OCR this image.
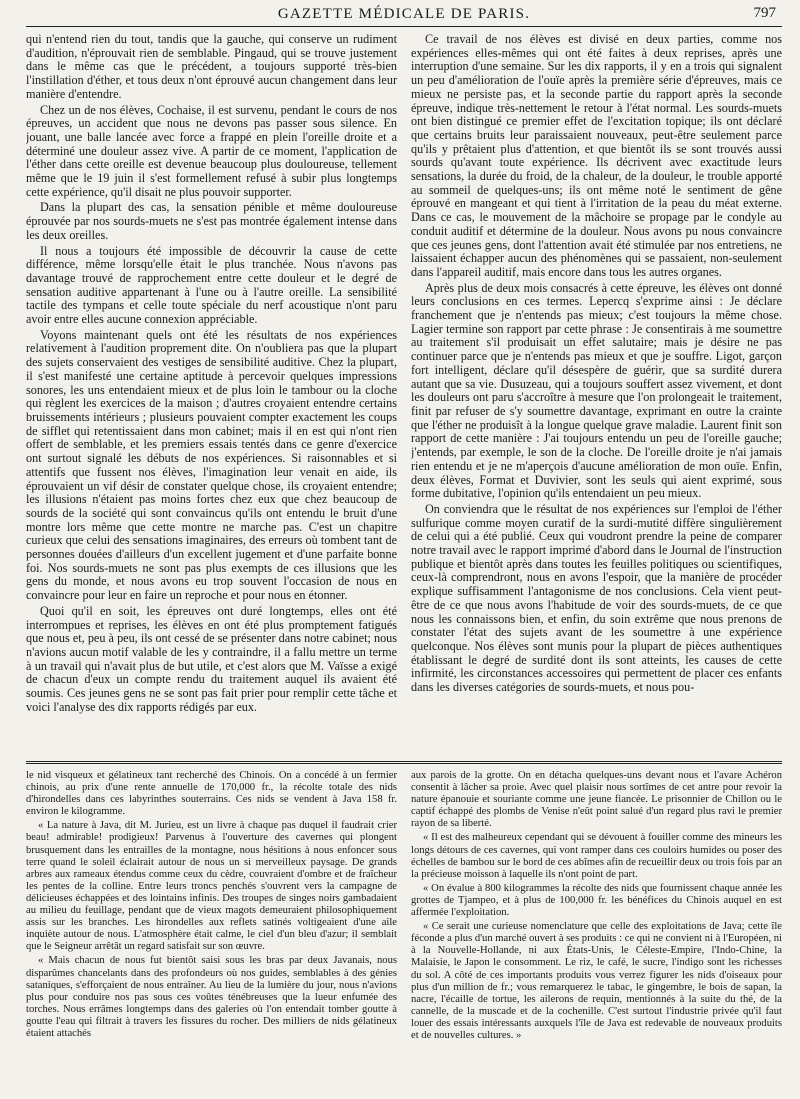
GAZETTE MÉDICALE DE PARIS.	797

qui n'entend rien du tout, tandis que la gauche, qui conserve un rudiment d'audition, n'éprouvait rien de semblable. Pingaud, qui se trouve justement dans le même cas que le précédent, a toujours supporté très-bien l'instillation d'éther, et tous deux n'ont éprouvé aucun changement dans leur manière d'entendre.

Chez un de nos élèves, Cochaise, il est survenu, pendant le cours de nos épreuves, un accident que nous ne devons pas passer sous silence. En jouant, une balle lancée avec force a frappé en plein l'oreille droite et a déterminé une douleur assez vive. A partir de ce moment, l'application de l'éther dans cette oreille est devenue beaucoup plus douloureuse, tellement même que le 19 juin il s'est formellement refusé à subir plus longtemps cette expérience, qu'il disait ne plus pouvoir supporter.

Dans la plupart des cas, la sensation pénible et même douloureuse éprouvée par nos sourds-muets ne s'est pas montrée également intense dans les deux oreilles.

Il nous a toujours été impossible de découvrir la cause de cette différence, même lorsqu'elle était le plus tranchée. Nous n'avons pas davantage trouvé de rapprochement entre cette douleur et le degré de sensation auditive appartenant à l'une ou à l'autre oreille. La sensibilité tactile des tympans et celle toute spéciale du nerf acoustique n'ont paru avoir entre elles aucune connexion appréciable.

Voyons maintenant quels ont été les résultats de nos expériences relativement à l'audition proprement dite. On n'oubliera pas que la plupart des sujets conservaient des vestiges de sensibilité auditive. Chez la plupart, il s'est manifesté une certaine aptitude à percevoir quelques impressions sonores, les uns entendaient mieux et de plus loin le tambour ou la cloche qui règlent les exercices de la maison ; d'autres croyaient entendre certains bruissements intérieurs ; plusieurs pouvaient compter exactement les coups de sifflet qui retentissaient dans mon cabinet; mais il en est qui n'ont rien offert de semblable, et les premiers essais tentés dans ce genre d'exercice ont surtout signalé les débuts de nos expériences. Si raisonnables et si attentifs que fussent nos élèves, l'imagination leur venait en aide, ils éprouvaient un vif désir de constater quelque chose, ils croyaient entendre; les illusions n'étaient pas moins fortes chez eux que chez beaucoup de sourds de la société qui sont convaincus qu'ils ont entendu le bruit d'une montre lors même que cette montre ne marche pas. C'est un chapitre curieux que celui des sensations imaginaires, des erreurs où tombent tant de personnes douées d'ailleurs d'un excellent jugement et d'une parfaite bonne foi. Nos sourds-muets ne sont pas plus exempts de ces illusions que les gens du monde, et nous avons eu trop souvent l'occasion de nous en convaincre pour leur en faire un reproche et pour nous en étonner.

Quoi qu'il en soit, les épreuves ont duré longtemps, elles ont été interrompues et reprises, les élèves en ont été plus promptement fatigués que nous et, peu à peu, ils ont cessé de se présenter dans notre cabinet; nous n'avions aucun motif valable de les y contraindre, il a fallu mettre un terme à un travail qui n'avait plus de but utile, et c'est alors que M. Vaïsse a exigé de chacun d'eux un compte rendu du traitement auquel ils avaient été soumis. Ces jeunes gens ne se sont pas fait prier pour remplir cette tâche et voici l'analyse des dix rapports rédigés par eux.

Ce travail de nos élèves est divisé en deux parties, comme nos expériences elles-mêmes qui ont été faites à deux reprises, après une interruption d'une semaine. Sur les dix rapports, il y en a trois qui signalent un peu d'amélioration de l'ouïe après la première série d'épreuves, mais ce mieux ne persiste pas, et la seconde partie du rapport après la seconde épreuve, indique très-nettement le retour à l'état normal. Les sourds-muets ont bien distingué ce premier effet de l'excitation topique; ils ont déclaré que certains bruits leur paraissaient nouveaux, peut-être seulement parce qu'ils y prêtaient plus d'attention, et que bientôt ils se sont trouvés aussi sourds qu'avant toute expérience. Ils décrivent avec exactitude leurs sensations, la durée du froid, de la chaleur, de la douleur, le trouble apporté au sommeil de quelques-uns; ils ont même noté le sentiment de gêne éprouvé en mangeant et qui tient à l'irritation de la peau du méat externe. Dans ce cas, le mouvement de la mâchoire se propage par le condyle au conduit auditif et détermine de la douleur. Nous avons pu nous convaincre que ces jeunes gens, dont l'attention avait été stimulée par nos entretiens, ne laissaient échapper aucun des phénomènes qui se passaient, non-seulement dans l'appareil auditif, mais encore dans tous les autres organes.

Après plus de deux mois consacrés à cette épreuve, les élèves ont donné leurs conclusions en ces termes. Lepercq s'exprime ainsi : Je déclare franchement que je n'entends pas mieux; c'est toujours la même chose. Lagier termine son rapport par cette phrase : Je consentirais à me soumettre au traitement s'il produisait un effet salutaire; mais je désire ne pas continuer parce que je n'entends pas mieux et que je souffre. Ligot, garçon fort intelligent, déclare qu'il désespère de guérir, que sa surdité durera autant que sa vie. Dusuzeau, qui a toujours souffert assez vivement, et dont les douleurs ont paru s'accroître à mesure que l'on prolongeait le traitement, finit par refuser de s'y soumettre davantage, exprimant en outre la crainte que l'éther ne produisît à la longue quelque grave maladie. Laurent finit son rapport de cette manière : J'ai toujours entendu un peu de l'oreille gauche; j'entends, par exemple, le son de la cloche. De l'oreille droite je n'ai jamais rien entendu et je ne m'aperçois d'aucune amélioration de mon ouïe. Enfin, deux élèves, Format et Duvivier, sont les seuls qui aient exprimé, sous forme dubitative, l'opinion qu'ils entendaient un peu mieux.

On conviendra que le résultat de nos expériences sur l'emploi de l'éther sulfurique comme moyen curatif de la surdi-mutité diffère singulièrement de celui qui a été publié. Ceux qui voudront prendre la peine de comparer notre travail avec le rapport imprimé d'abord dans le Journal de l'instruction publique et bientôt après dans toutes les feuilles politiques ou scientifiques, ceux-là comprendront, nous en avons l'espoir, que la manière de procéder explique suffisamment l'antagonisme de nos conclusions. Cela vient peut-être de ce que nous avons l'habitude de voir des sourds-muets, de ce que nous les connaissons bien, et enfin, du soin extrême que nous prenons de constater l'état des sujets avant de les soumettre à une expérience quelconque. Nos élèves sont munis pour la plupart de pièces authentiques établissant le degré de surdité dont ils sont atteints, les causes de cette infirmité, les circonstances accessoires qui permettent de placer ces enfants dans les diverses catégories de sourds-muets, et nous pou-

le nid visqueux et gélatineux tant recherché des Chinois. On a concédé à un fermier chinois, au prix d'une rente annuelle de 170,000 fr., la récolte totale des nids d'hirondelles dans ces labyrinthes souterrains. Ces nids se vendent à Java 158 fr. environ le kilogramme.

« La nature à Java, dit M. Jurieu, est un livre à chaque pas duquel il faudrait crier beau! admirable! prodigieux! Parvenus à l'ouverture des cavernes qui plongent brusquement dans les entrailles de la montagne, nous hésitions à nous enfoncer sous terre quand le soleil éclairait autour de nous un si merveilleux paysage. De grands arbres aux rameaux étendus comme ceux du cèdre, couvraient d'ombre et de fraîcheur les pentes de la colline. Entre leurs troncs penchés s'ouvrent vers la campagne de délicieuses échappées et des lointains infinis. Des troupes de singes noirs gambadaient au milieu du feuillage, pendant que de vieux magots demeuraient philosophiquement assis sur les branches. Les hirondelles aux reflets satinés voltigeaient d'une aile inquiète autour de nous. L'atmosphère était calme, le ciel d'un bleu d'azur; il semblait que le Seigneur arrêtât un regard satisfait sur son œuvre.

« Mais chacun de nous fut bientôt saisi sous les bras par deux Javanais, nous disparûmes chancelants dans des profondeurs où nos guides, semblables à des génies sataniques, s'efforçaient de nous entraîner. Au lieu de la lumière du jour, nous n'avions plus pour conduire nos pas sous ces voûtes ténébreuses que la lueur enfumée des torches. Nous errâmes longtemps dans des galeries où l'on entendait tomber goutte à goutte l'eau qui filtrait à travers les fissures du rocher. Des milliers de nids gélatineux étaient attachés

aux parois de la grotte. On en détacha quelques-uns devant nous et l'avare Achéron consentit à lâcher sa proie. Avec quel plaisir nous sortîmes de cet antre pour revoir la nature épanouie et souriante comme une jeune fiancée. Le prisonnier de Chillon ou le captif échappé des plombs de Venise n'eût point salué d'un regard plus ravi le premier rayon de sa liberté.

« Il est des malheureux cependant qui se dévouent à fouiller comme des mineurs les longs détours de ces cavernes, qui vont ramper dans ces couloirs humides ou poser des échelles de bambou sur le bord de ces abîmes afin de recueillir deux ou trois fois par an la précieuse moisson à laquelle ils n'ont point de part.

« On évalue à 800 kilogrammes la récolte des nids que fournissent chaque année les grottes de Tjampeo, et à plus de 100,000 fr. les bénéfices du Chinois auquel en est affermée l'exploitation.

« Ce serait une curieuse nomenclature que celle des exploitations de Java; cette île féconde a plus d'un marché ouvert à ses produits : ce qui ne convient ni à l'Européen, ni à la Nouvelle-Hollande, ni aux États-Unis, le Céleste-Empire, l'Indo-Chine, la Malaisie, le Japon le consomment. Le riz, le café, le sucre, l'indigo sont les richesses du sol. A côté de ces importants produits vous verrez figurer les nids d'oiseaux pour plus d'un million de fr.; vous remarquerez le tabac, le gingembre, le bois de sapan, la nacre, l'écaille de tortue, les ailerons de requin, mentionnés à la suite du thé, de la cannelle, de la muscade et de la cochenille. C'est surtout l'industrie privée qu'il faut louer des essais intéressants auxquels l'île de Java est redevable de nouveaux produits et de nouvelles cultures. »
